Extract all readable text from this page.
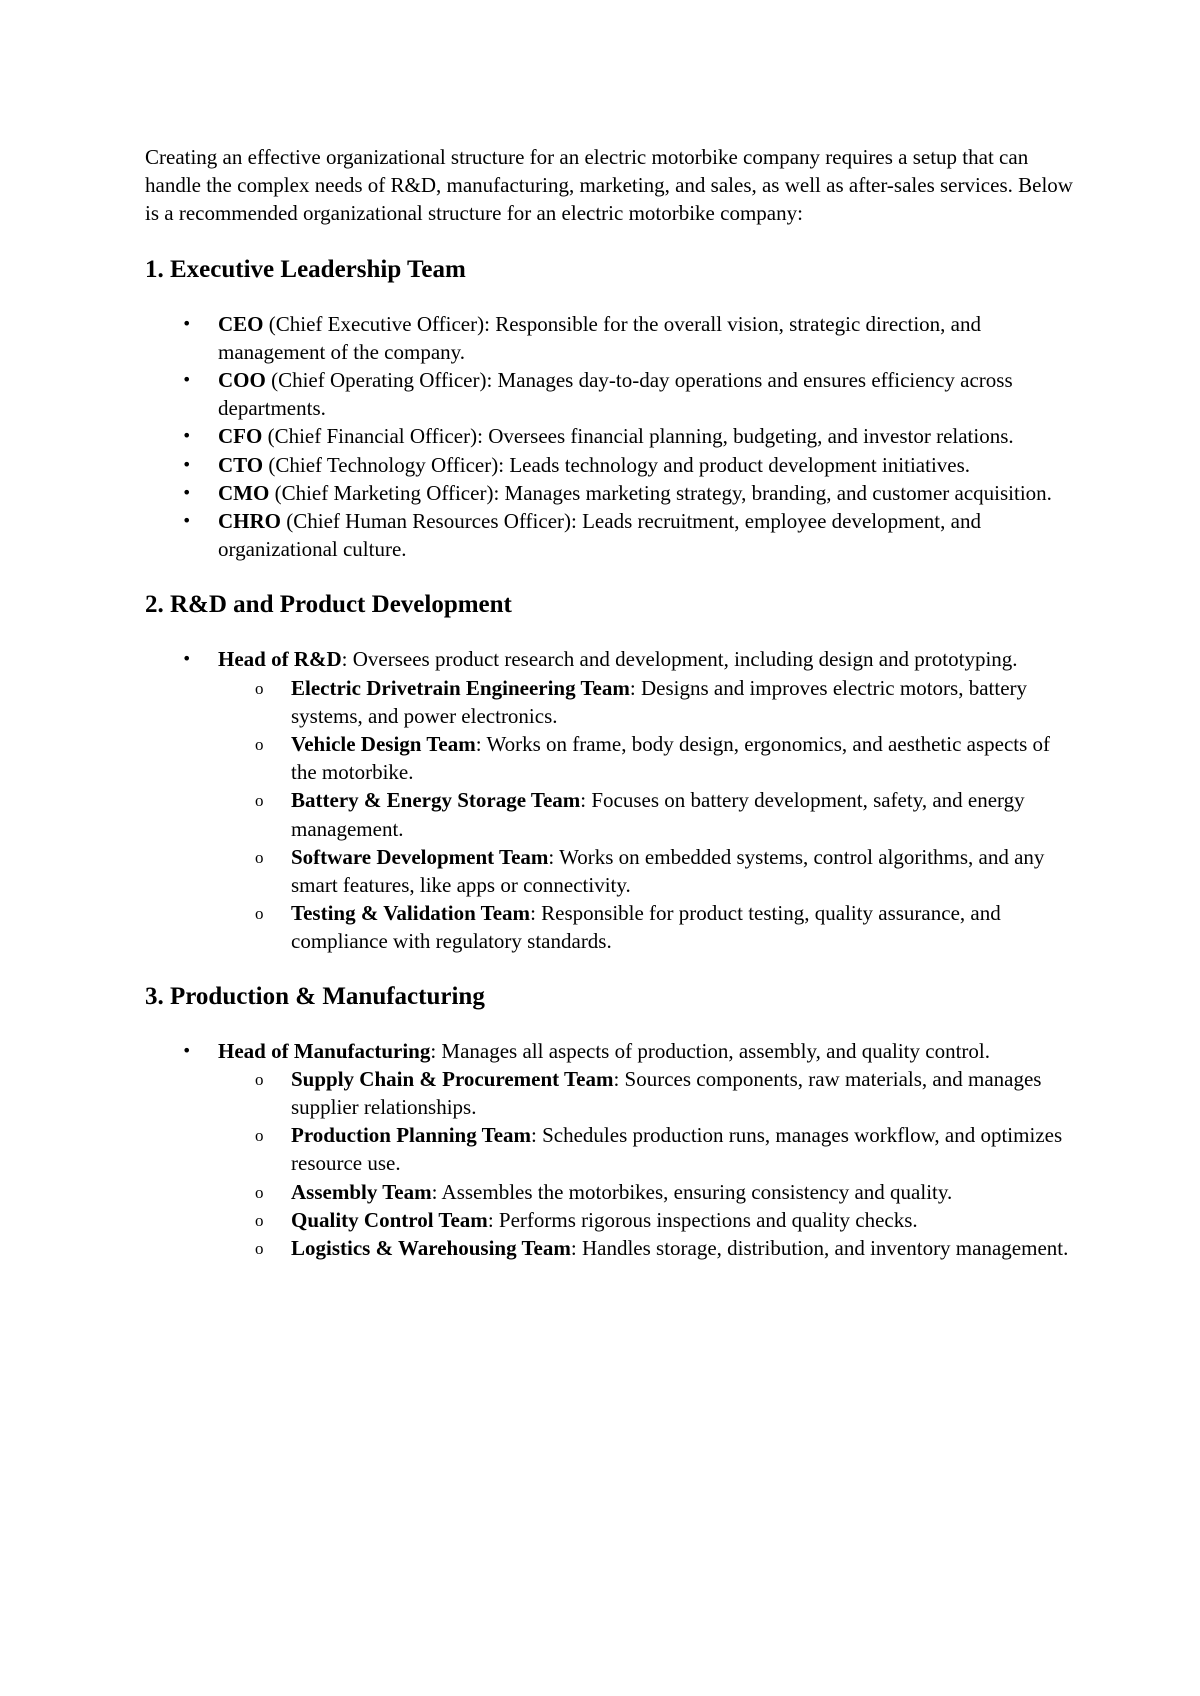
Creating an effective organizational structure for an electric motorbike company requires a setup that can handle the complex needs of R&D, manufacturing, marketing, and sales, as well as after-sales services. Below is a recommended organizational structure for an electric motorbike company:

1. Executive Leadership Team
•	CEO (Chief Executive Officer): Responsible for the overall vision, strategic direction, and management of the company.
•	COO (Chief Operating Officer): Manages day-to-day operations and ensures efficiency across departments.
•	CFO (Chief Financial Officer): Oversees financial planning, budgeting, and investor relations.
•	CTO (Chief Technology Officer): Leads technology and product development initiatives.
•	CMO (Chief Marketing Officer): Manages marketing strategy, branding, and customer acquisition.
•	CHRO (Chief Human Resources Officer): Leads recruitment, employee development, and organizational culture.
2. R&D and Product Development
•	Head of R&D: Oversees product research and development, including design and prototyping.
o	Electric Drivetrain Engineering Team: Designs and improves electric motors, battery systems, and power electronics.
o	Vehicle Design Team: Works on frame, body design, ergonomics, and aesthetic aspects of the motorbike.
o	Battery & Energy Storage Team: Focuses on battery development, safety, and energy management.
o	Software Development Team: Works on embedded systems, control algorithms, and any smart features, like apps or connectivity.
o	Testing & Validation Team: Responsible for product testing, quality assurance, and compliance with regulatory standards.
3. Production & Manufacturing
•	Head of Manufacturing: Manages all aspects of production, assembly, and quality control.
o	Supply Chain & Procurement Team: Sources components, raw materials, and manages supplier relationships.
o	Production Planning Team: Schedules production runs, manages workflow, and optimizes resource use.
o	Assembly Team: Assembles the motorbikes, ensuring consistency and quality.
o	Quality Control Team: Performs rigorous inspections and quality checks.
o	Logistics & Warehousing Team: Handles storage, distribution, and inventory management.
